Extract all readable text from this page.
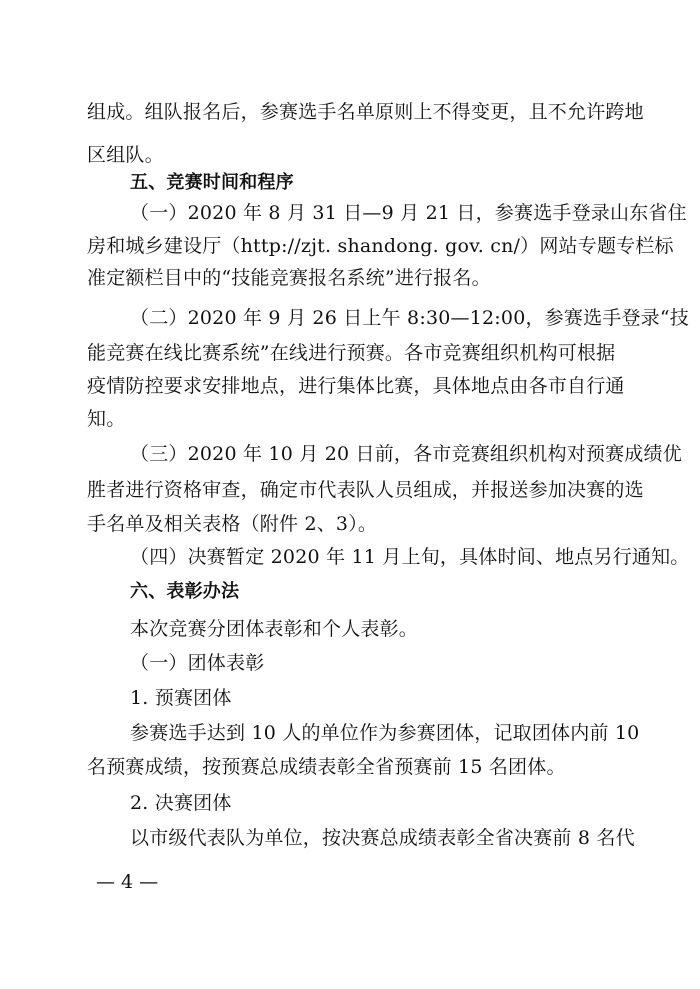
组成。组队报名后，参赛选手名单原则上不得变更，且不允许跨地
区组队。
五、竞赛时间和程序
（一）2020 年 8 月 31 日—9 月 21 日，参赛选手登录山东省住
房和城乡建设厅（http://zjt. shandong. gov. cn/）网站专题专栏标
准定额栏目中的“技能竞赛报名系统”进行报名。
（二）2020 年 9 月 26 日上午 8:30—12:00，参赛选手登录“技
能竞赛在线比赛系统”在线进行预赛。各市竞赛组织机构可根据
疫情防控要求安排地点，进行集体比赛，具体地点由各市自行通
知。
（三）2020 年 10 月 20 日前，各市竞赛组织机构对预赛成绩优
胜者进行资格审查，确定市代表队人员组成，并报送参加决赛的选
手名单及相关表格（附件 2、3）。
（四）决赛暂定 2020 年 11 月上旬，具体时间、地点另行通知。
六、表彰办法
本次竞赛分团体表彰和个人表彰。
（一）团体表彰
1. 预赛团体
参赛选手达到 10 人的单位作为参赛团体，记取团体内前 10
名预赛成绩，按预赛总成绩表彰全省预赛前 15 名团体。
2. 决赛团体
以市级代表队为单位，按决赛总成绩表彰全省决赛前 8 名代
— 4 —
